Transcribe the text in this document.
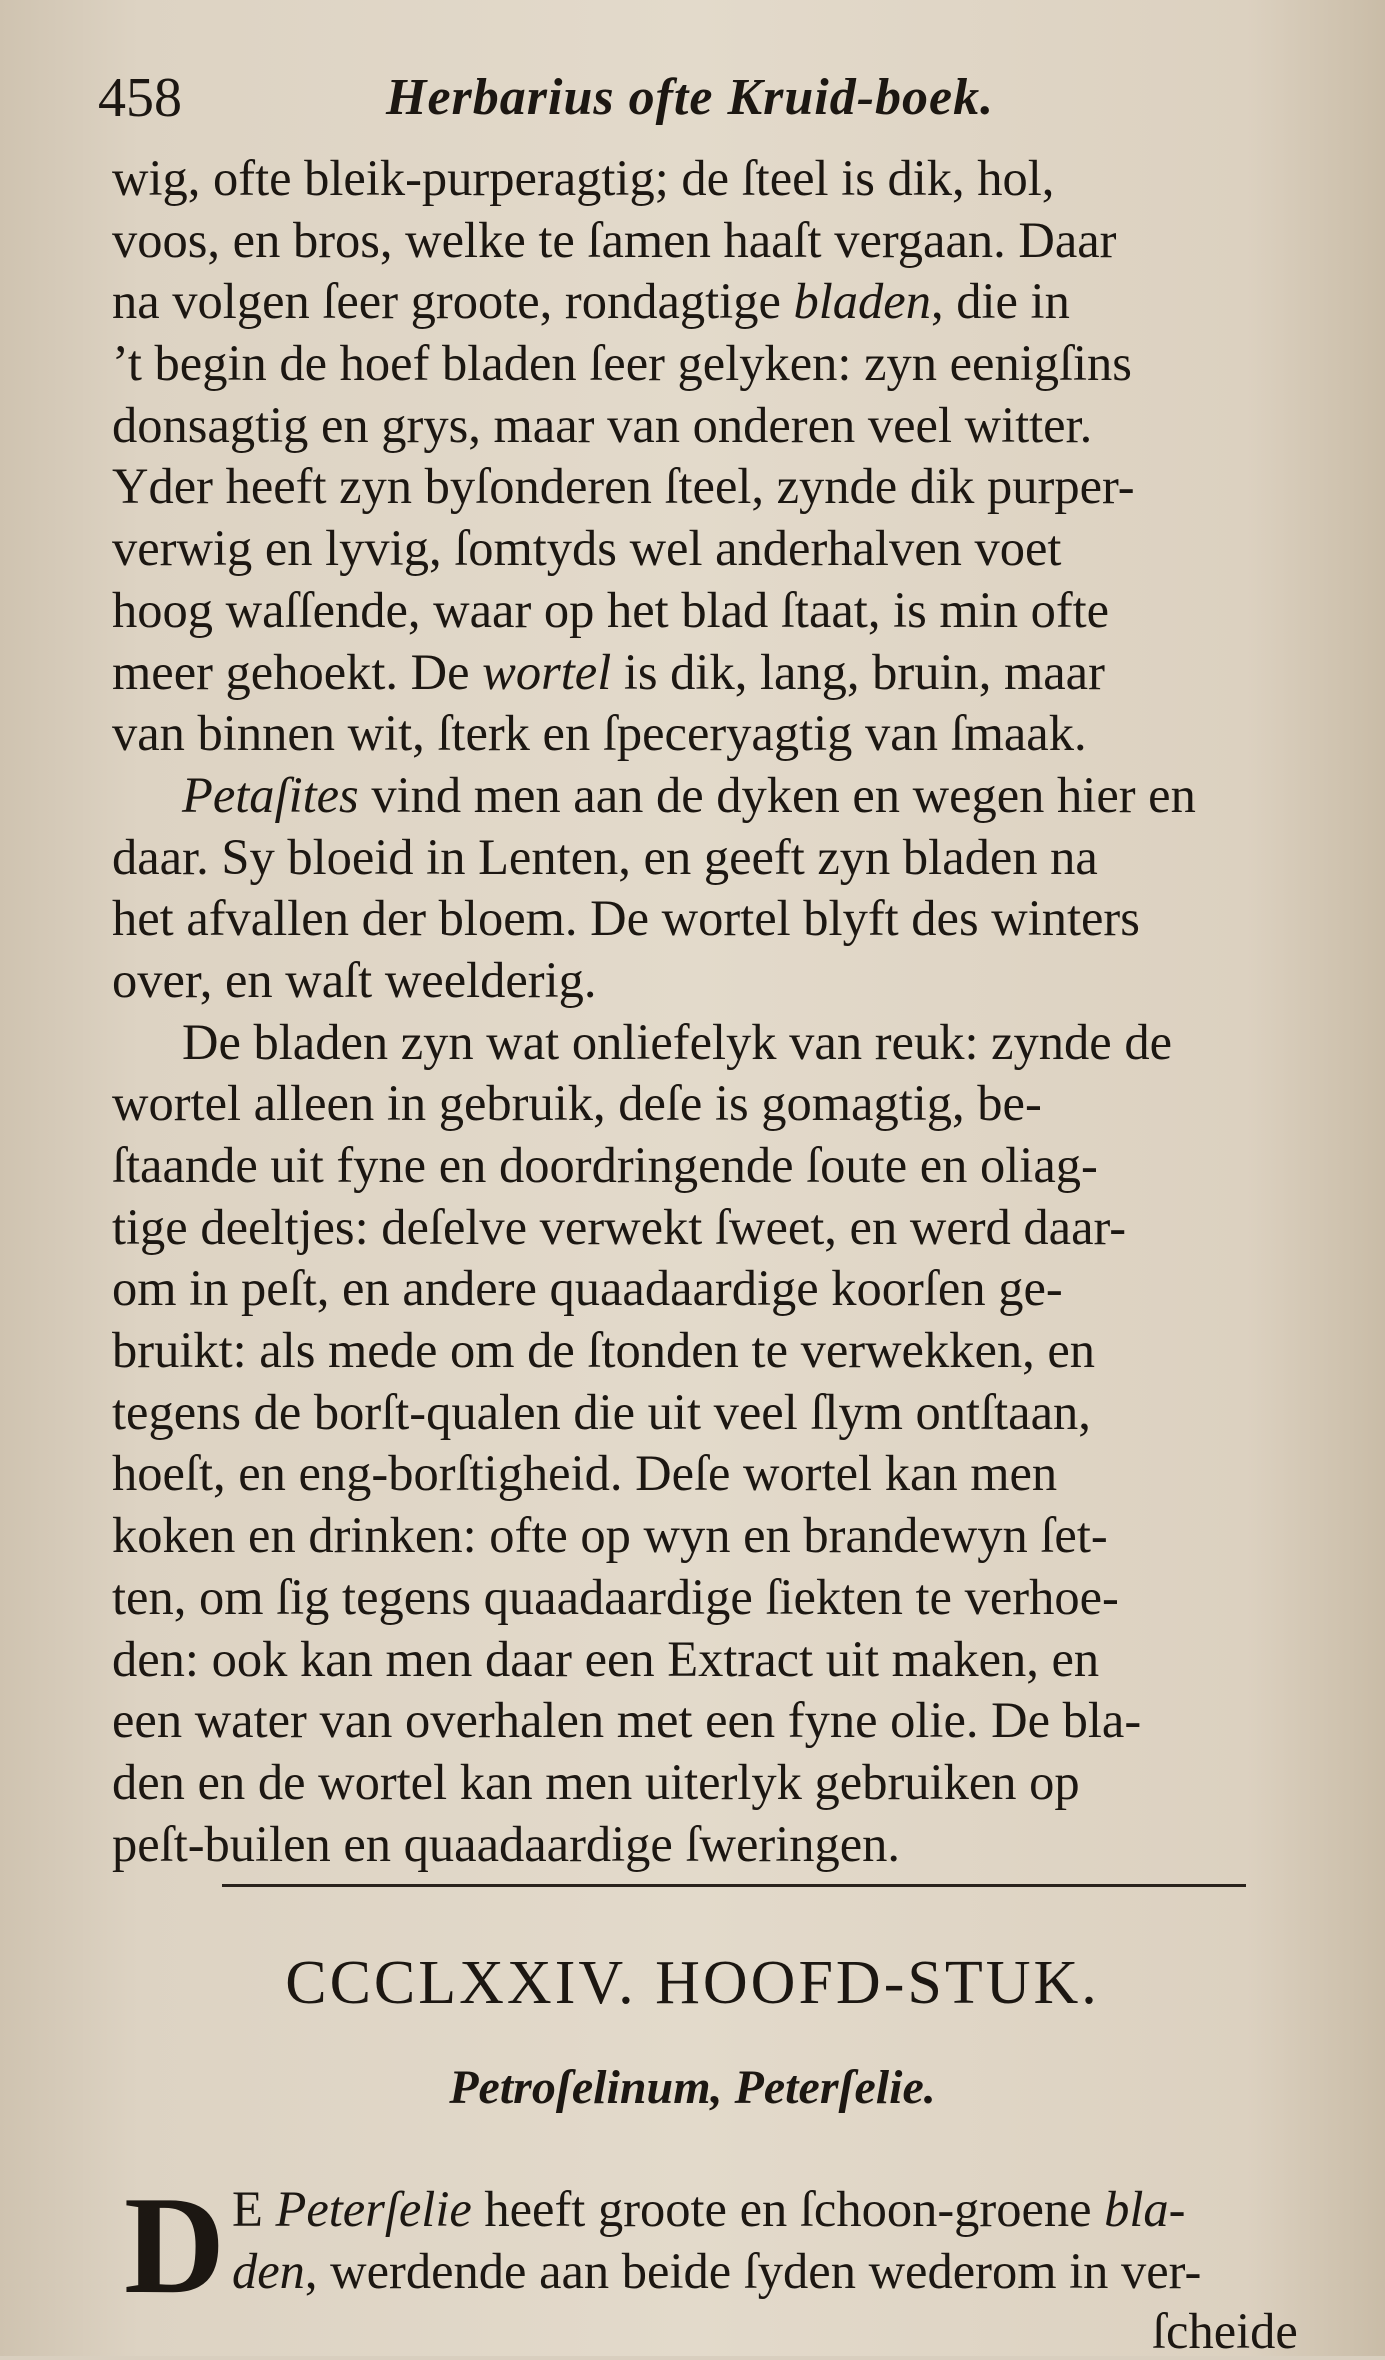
458	Herbarius ofte Kruid-boek.
wig, ofte bleik-purperagtig; de ſteel is dik, hol,
voos, en bros, welke te ſamen haaſt vergaan. Daar
na volgen ſeer groote, rondagtige bladen, die in
’t begin de hoef bladen ſeer gelyken: zyn eenigſins
donsagtig en grys, maar van onderen veel witter.
Yder heeft zyn byſonderen ſteel, zynde dik purper-
verwig en lyvig, ſomtyds wel anderhalven voet
hoog waſſende, waar op het blad ſtaat, is min ofte
meer gehoekt. De wortel is dik, lang, bruin, maar
van binnen wit, ſterk en ſpeceryagtig van ſmaak.
Petaſites vind men aan de dyken en wegen hier en
daar. Sy bloeid in Lenten, en geeft zyn bladen na
het afvallen der bloem. De wortel blyft des winters
over, en waſt weelderig.
De bladen zyn wat onliefelyk van reuk: zynde de
wortel alleen in gebruik, deſe is gomagtig, be-
ſtaande uit fyne en doordringende ſoute en oliag-
tige deeltjes: deſelve verwekt ſweet, en werd daar-
om in peſt, en andere quaadaardige koorſen ge-
bruikt: als mede om de ſtonden te verwekken, en
tegens de borſt-qualen die uit veel ſlym ontſtaan,
hoeſt, en eng-borſtigheid. Deſe wortel kan men
koken en drinken: ofte op wyn en brandewyn ſet-
ten, om ſig tegens quaadaardige ſiekten te verhoe-
den: ook kan men daar een Extract uit maken, en
een water van overhalen met een fyne olie. De bla-
den en de wortel kan men uiterlyk gebruiken op
peſt-builen en quaadaardige ſweringen.
CCCLXXIV. HOOFD-STUK.
Petroſelinum, Peterſelie.
D E Peterſelie heeft groote en ſchoon-groene bla-
den, werdende aan beide ſyden wederom in ver-
ſcheide
